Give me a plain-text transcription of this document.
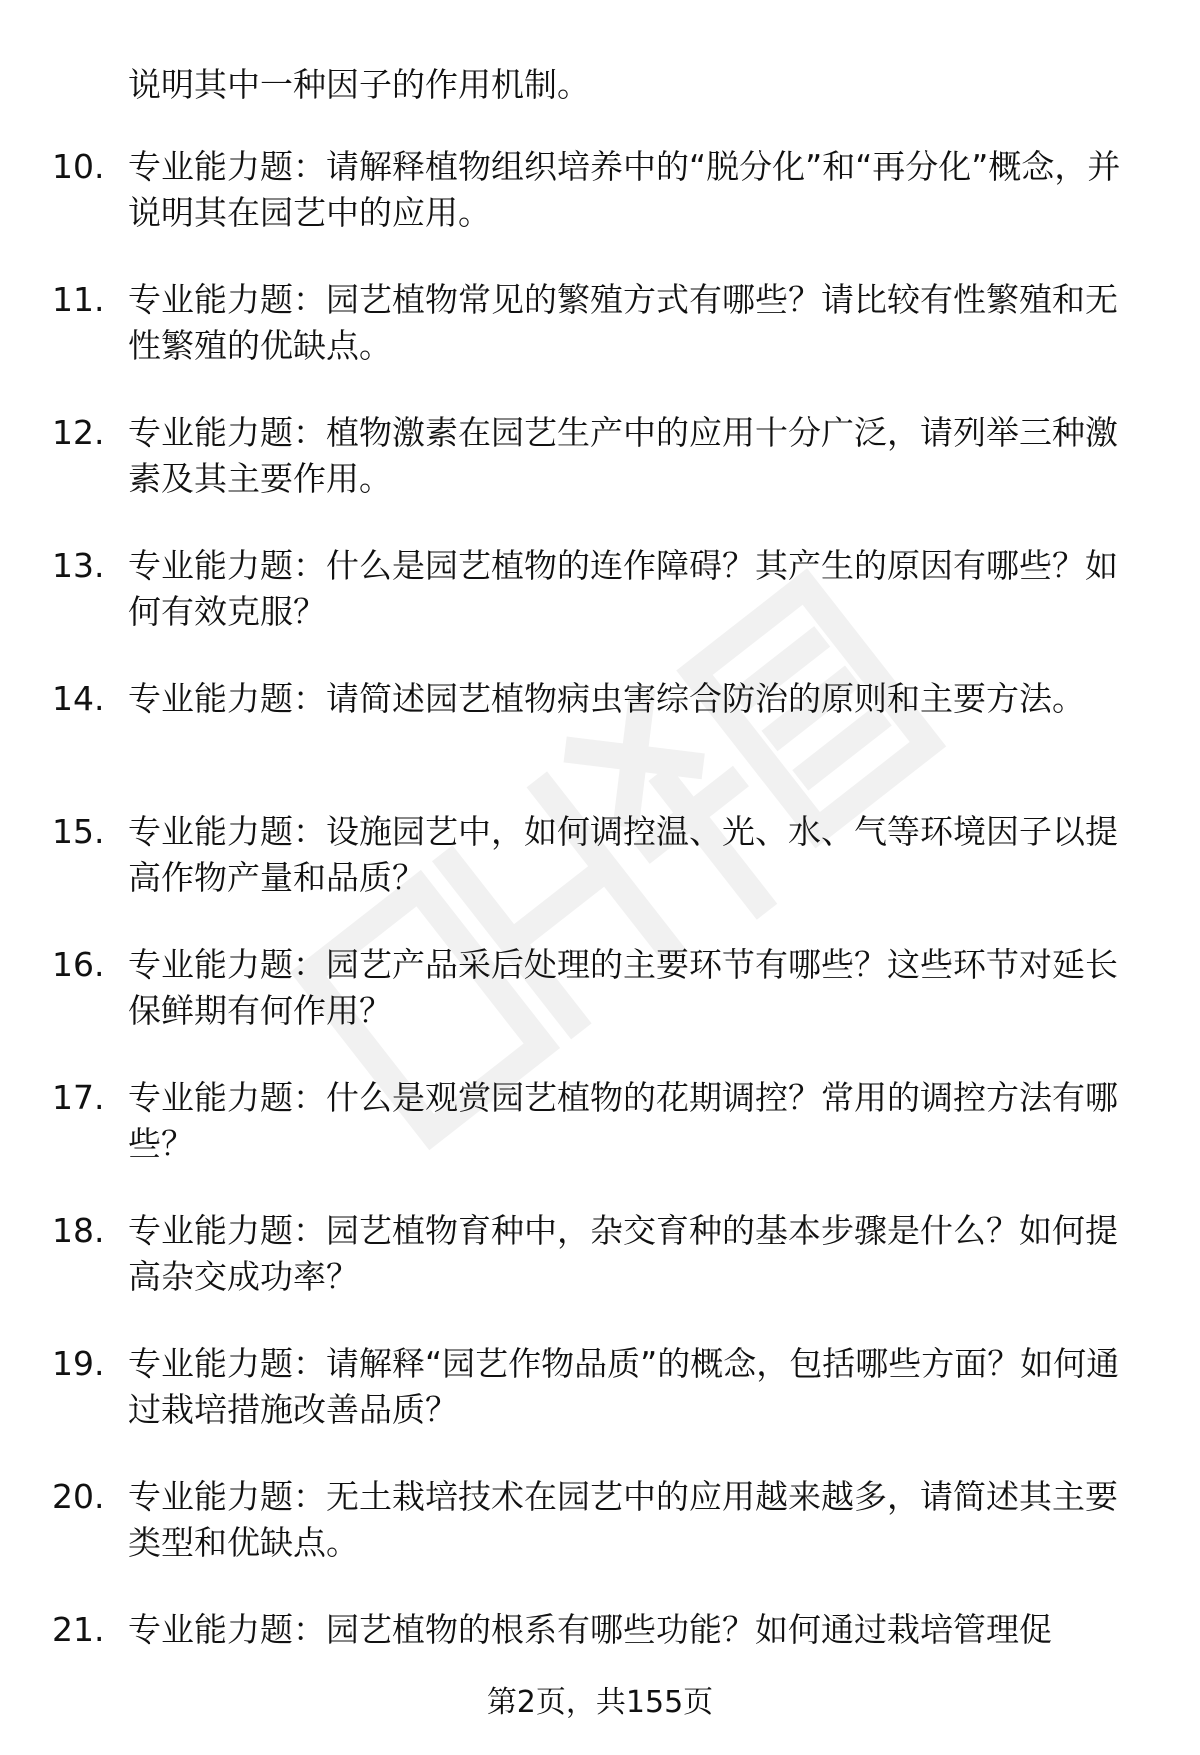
说明其中一种因子的作用机制。

10. 专业能力题：请解释植物组织培养中的“脱分化”和“再分化”概念，并说明其在园艺中的应用。

11. 专业能力题：园艺植物常见的繁殖方式有哪些？请比较有性繁殖和无性繁殖的优缺点。

12. 专业能力题：植物激素在园艺生产中的应用十分广泛，请列举三种激素及其主要作用。

13. 专业能力题：什么是园艺植物的连作障碍？其产生的原因有哪些？如何有效克服？

14. 专业能力题：请简述园艺植物病虫害综合防治的原则和主要方法。

15. 专业能力题：设施园艺中，如何调控温、光、水、气等环境因子以提高作物产量和品质？

16. 专业能力题：园艺产品采后处理的主要环节有哪些？这些环节对延长保鲜期有何作用？

17. 专业能力题：什么是观赏园艺植物的花期调控？常用的调控方法有哪些？

18. 专业能力题：园艺植物育种中，杂交育种的基本步骤是什么？如何提高杂交成功率？

19. 专业能力题：请解释“园艺作物品质”的概念，包括哪些方面？如何通过栽培措施改善品质？

20. 专业能力题：无土栽培技术在园艺中的应用越来越多，请简述其主要类型和优缺点。

21. 专业能力题：园艺植物的根系有哪些功能？如何通过栽培管理促

第2页，共155页
